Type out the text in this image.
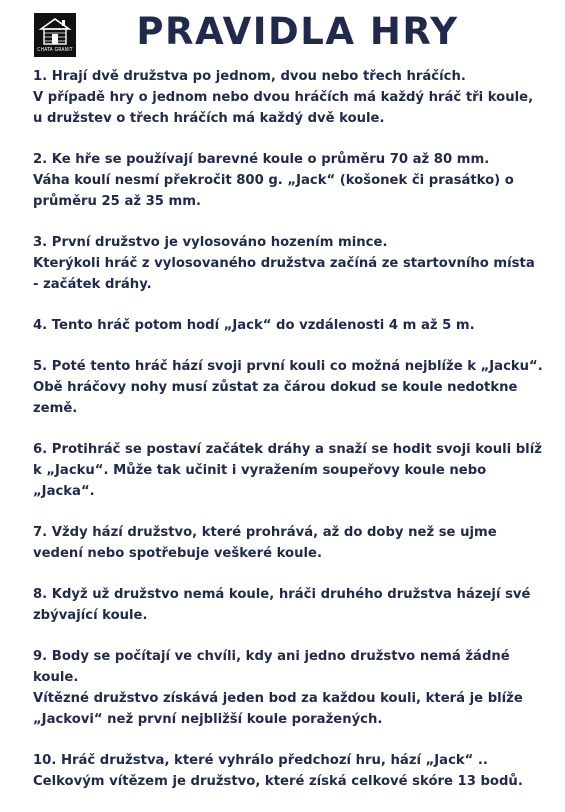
CHATA GRANIT	PRAVIDLA HRY

1. Hrají dvě družstva po jednom, dvou nebo třech hráčích.
V případě hry o jednom nebo dvou hráčích má každý hráč tři koule, u družstev o třech hráčích má každý dvě koule.

2. Ke hře se používají barevné koule o průměru 70 až 80 mm.
Váha koulí nesmí překročit 800 g. „Jack“ (košonek či prasátko) o průměru 25 až 35 mm.

3. První družstvo je vylosováno hozením mince.
Kterýkoli hráč z vylosovaného družstva začíná ze startovního místa - začátek dráhy.

4. Tento hráč potom hodí „Jack“ do vzdálenosti 4 m až 5 m.

5. Poté tento hráč hází svoji první kouli co možná nejblíže k „Jacku“.
Obě hráčovy nohy musí zůstat za čárou dokud se koule nedotkne země.

6. Protihráč se postaví začátek dráhy a snaží se hodit svoji kouli blíž k „Jacku“. Může tak učinit i vyražením soupeřovy koule nebo „Jacka“.

7. Vždy hází družstvo, které prohrává, až do doby než se ujme vedení nebo spotřebuje veškeré koule.

8. Když už družstvo nemá koule, hráči druhého družstva házejí své zbývající koule.

9. Body se počítají ve chvíli, kdy ani jedno družstvo nemá žádné koule.
Vítězné družstvo získává jeden bod za každou kouli, která je blíže „Jackovi“ než první nejbližší koule poražených.

10. Hráč družstva, které vyhrálo předchozí hru, hází „Jack“ .. Celkovým vítězem je družstvo, které získá celkové skóre 13 bodů.
